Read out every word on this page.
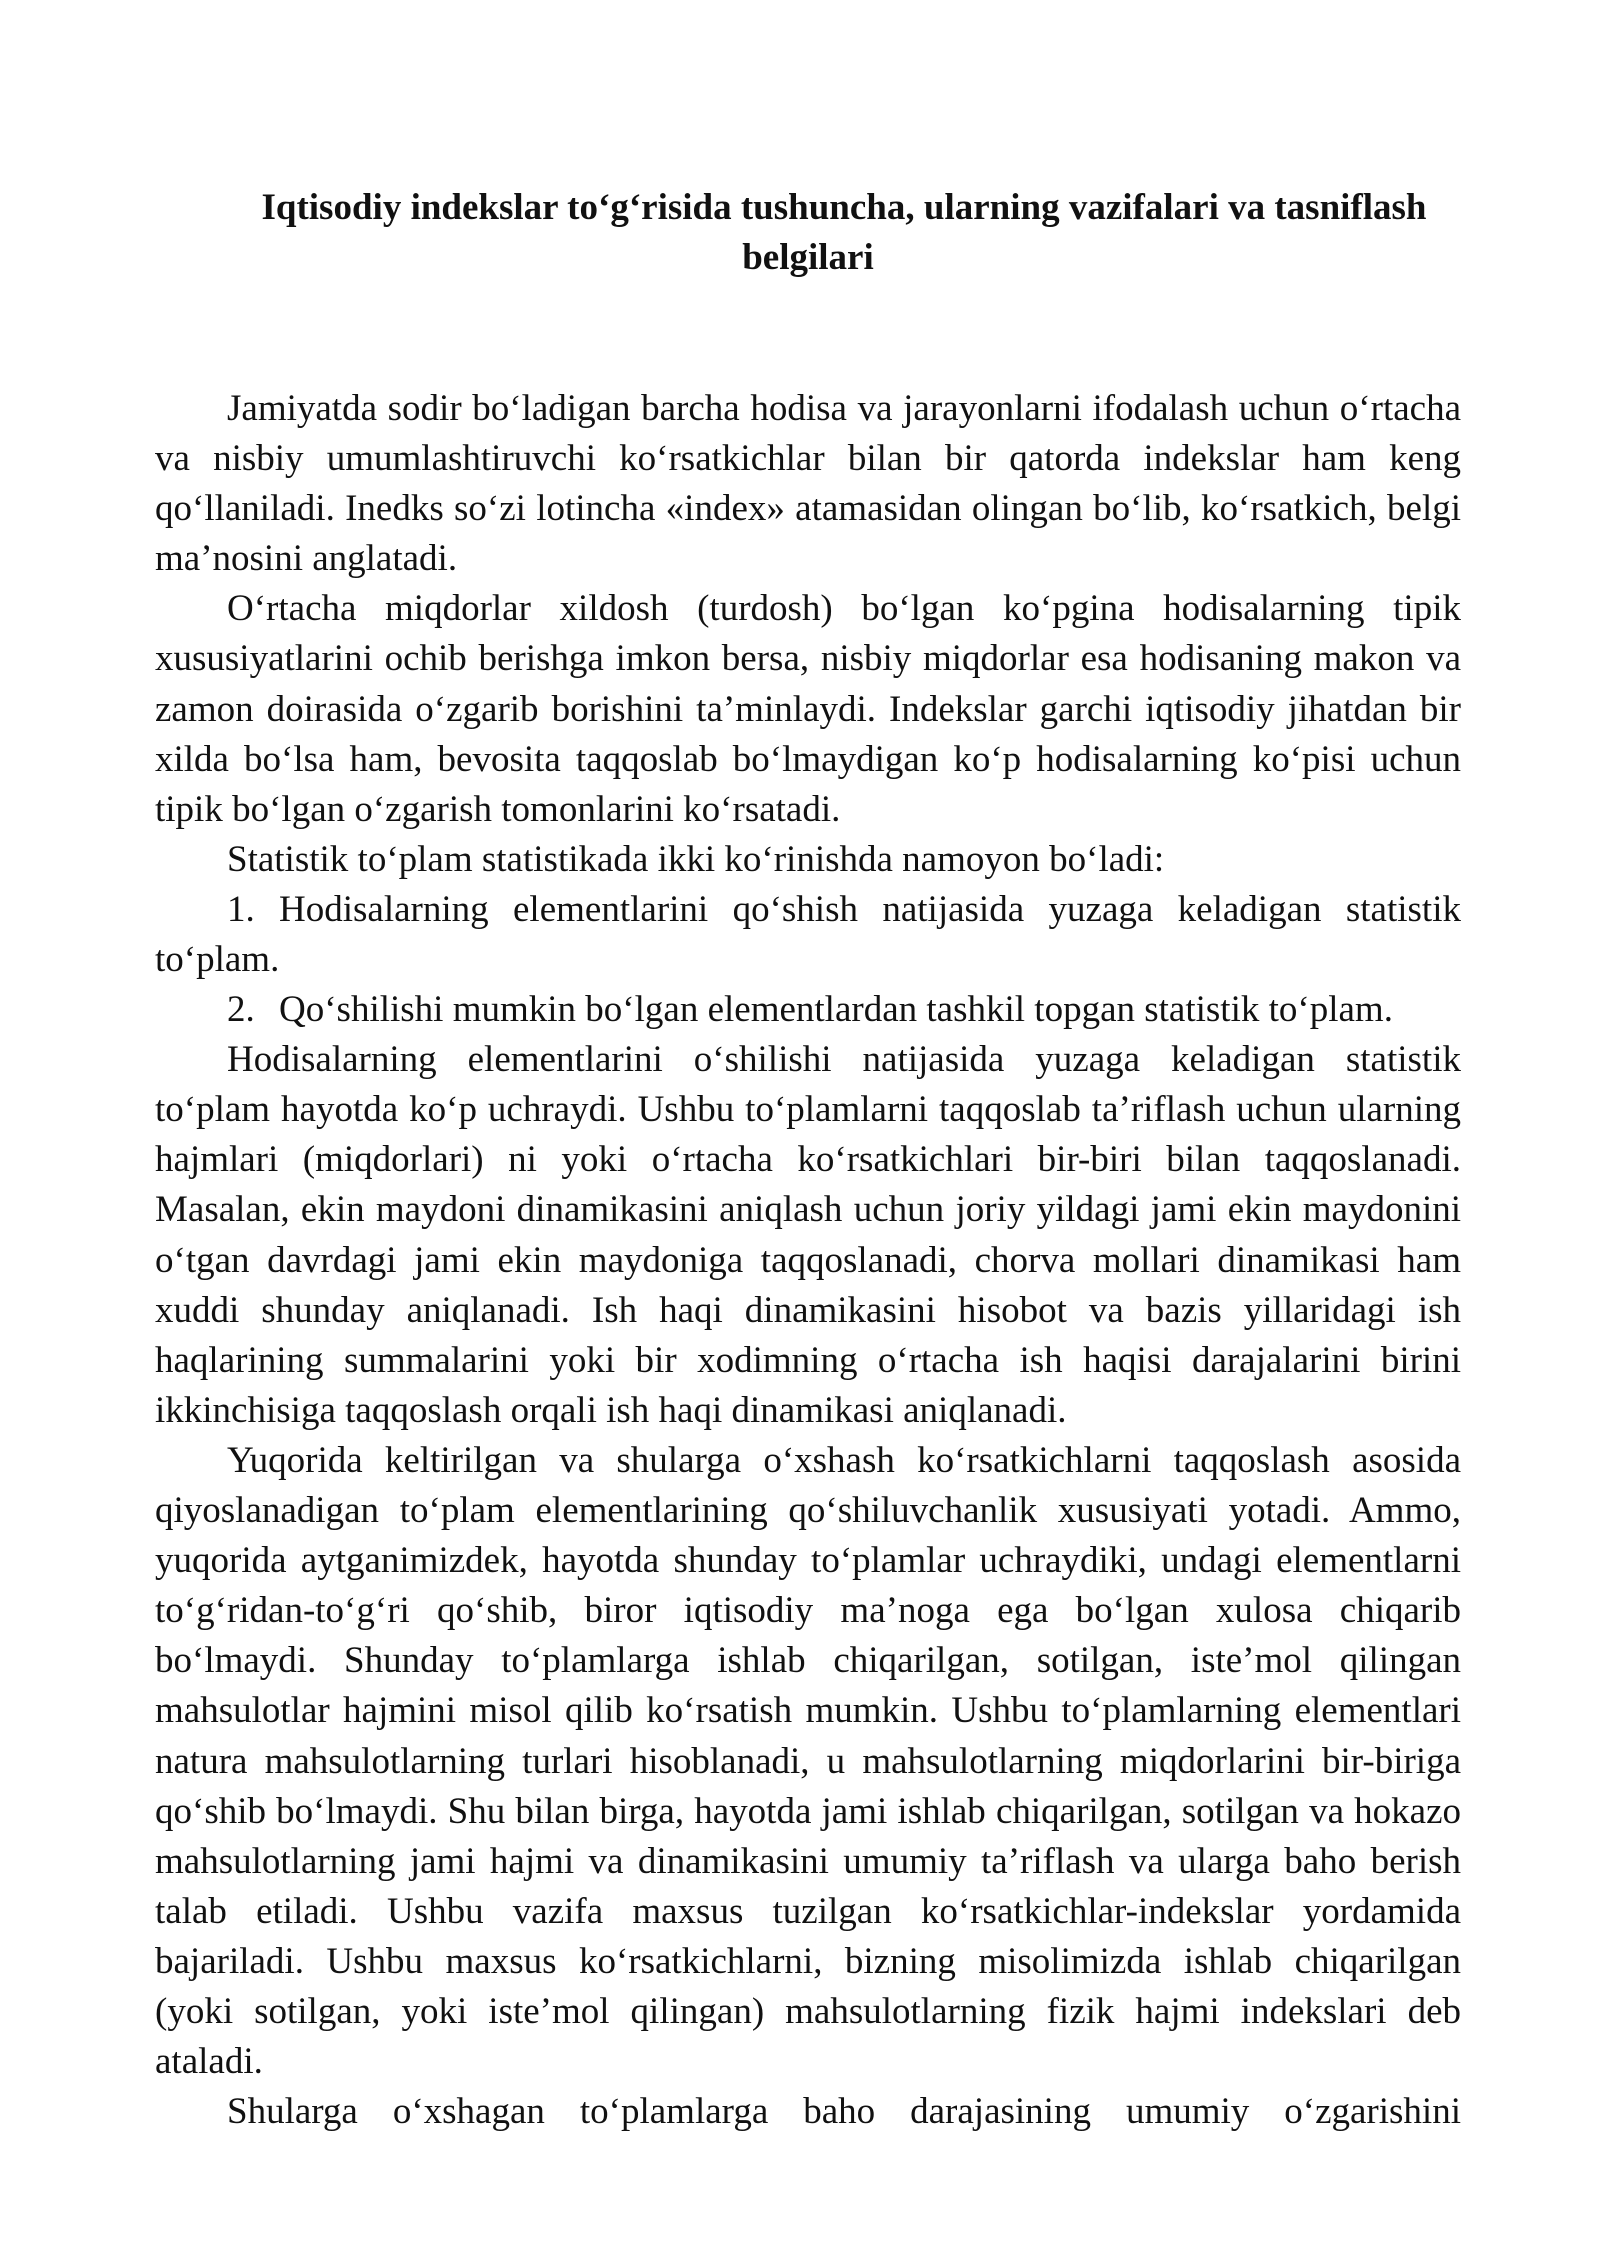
Iqtisodiy indekslar to‘g‘risida tushuncha, ularning vazifalari va tasniflash
belgilari
Jamiyatda sodir bo‘ladigan barcha hodisa va jarayonlarni ifodalash uchun o‘rtacha
va nisbiy umumlashtiruvchi ko‘rsatkichlar bilan bir qatorda indekslar ham keng
qo‘llaniladi. Inedks so‘zi lotincha «index» atamasidan olingan bo‘lib, ko‘rsatkich, belgi
ma’nosini anglatadi.
O‘rtacha miqdorlar xildosh (turdosh) bo‘lgan ko‘pgina hodisalarning tipik
xususiyatlarini ochib berishga imkon bersa, nisbiy miqdorlar esa hodisaning makon va
zamon doirasida o‘zgarib borishini ta’minlaydi. Indekslar garchi iqtisodiy jihatdan bir
xilda bo‘lsa ham, bevosita taqqoslab bo‘lmaydigan ko‘p hodisalarning ko‘pisi uchun
tipik bo‘lgan o‘zgarish tomonlarini ko‘rsatadi.
Statistik to‘plam statistikada ikki ko‘rinishda namoyon bo‘ladi:
1. Hodisalarning elementlarini qo‘shish natijasida yuzaga keladigan statistik
to‘plam.
2. Qo‘shilishi mumkin bo‘lgan elementlardan tashkil topgan statistik to‘plam.
Hodisalarning elementlarini o‘shilishi natijasida yuzaga keladigan statistik
to‘plam hayotda ko‘p uchraydi. Ushbu to‘plamlarni taqqoslab ta’riflash uchun ularning
hajmlari (miqdorlari) ni yoki o‘rtacha ko‘rsatkichlari bir-biri bilan taqqoslanadi.
Masalan, ekin maydoni dinamikasini aniqlash uchun joriy yildagi jami ekin maydonini
o‘tgan davrdagi jami ekin maydoniga taqqoslanadi, chorva mollari dinamikasi ham
xuddi shunday aniqlanadi. Ish haqi dinamikasini hisobot va bazis yillaridagi ish
haqlarining summalarini yoki bir xodimning o‘rtacha ish haqisi darajalarini birini
ikkinchisiga taqqoslash orqali ish haqi dinamikasi aniqlanadi.
Yuqorida keltirilgan va shularga o‘xshash ko‘rsatkichlarni taqqoslash asosida
qiyoslanadigan to‘plam elementlarining qo‘shiluvchanlik xususiyati yotadi. Ammo,
yuqorida aytganimizdek, hayotda shunday to‘plamlar uchraydiki, undagi elementlarni
to‘g‘ridan-to‘g‘ri qo‘shib, biror iqtisodiy ma’noga ega bo‘lgan xulosa chiqarib
bo‘lmaydi. Shunday to‘plamlarga ishlab chiqarilgan, sotilgan, iste’mol qilingan
mahsulotlar hajmini misol qilib ko‘rsatish mumkin. Ushbu to‘plamlarning elementlari
natura mahsulotlarning turlari hisoblanadi, u mahsulotlarning miqdorlarini bir-biriga
qo‘shib bo‘lmaydi. Shu bilan birga, hayotda jami ishlab chiqarilgan, sotilgan va hokazo
mahsulotlarning jami hajmi va dinamikasini umumiy ta’riflash va ularga baho berish
talab etiladi. Ushbu vazifa maxsus tuzilgan ko‘rsatkichlar-indekslar yordamida
bajariladi. Ushbu maxsus ko‘rsatkichlarni, bizning misolimizda ishlab chiqarilgan
(yoki sotilgan, yoki iste’mol qilingan) mahsulotlarning fizik hajmi indekslari deb
ataladi.
Shularga o‘xshagan to‘plamlarga baho darajasining umumiy o‘zgarishini
